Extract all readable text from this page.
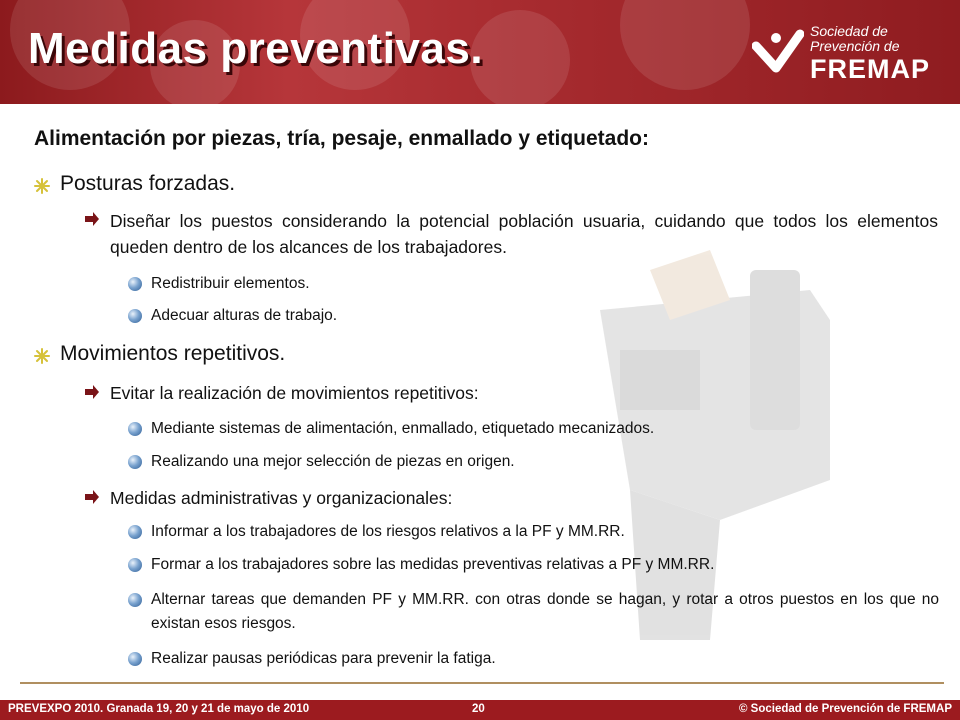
Medidas preventivas.	Sociedad de
Prevención de
FREMAP
Alimentación por piezas, tría, pesaje, enmallado y etiquetado:
Posturas forzadas.
Diseñar los puestos considerando la potencial población usuaria, cuidando que todos los elementos queden dentro de los alcances de los trabajadores.
Redistribuir elementos.
Adecuar alturas de trabajo.
Movimientos repetitivos.
Evitar la realización de movimientos repetitivos:
Mediante sistemas de alimentación, enmallado, etiquetado mecanizados.
Realizando una mejor selección de piezas en origen.
Medidas administrativas y organizacionales:
Informar a los trabajadores de los riesgos relativos a la PF y MM.RR.
Formar a los trabajadores sobre las medidas preventivas relativas a PF y MM.RR.
Alternar tareas que demanden PF y MM.RR. con otras donde se hagan, y rotar a otros puestos en los que no existan esos riesgos.
Realizar pausas periódicas para prevenir la fatiga.
PREVEXPO 2010. Granada 19, 20 y 21 de mayo de 2010	20	© Sociedad de Prevención de FREMAP
